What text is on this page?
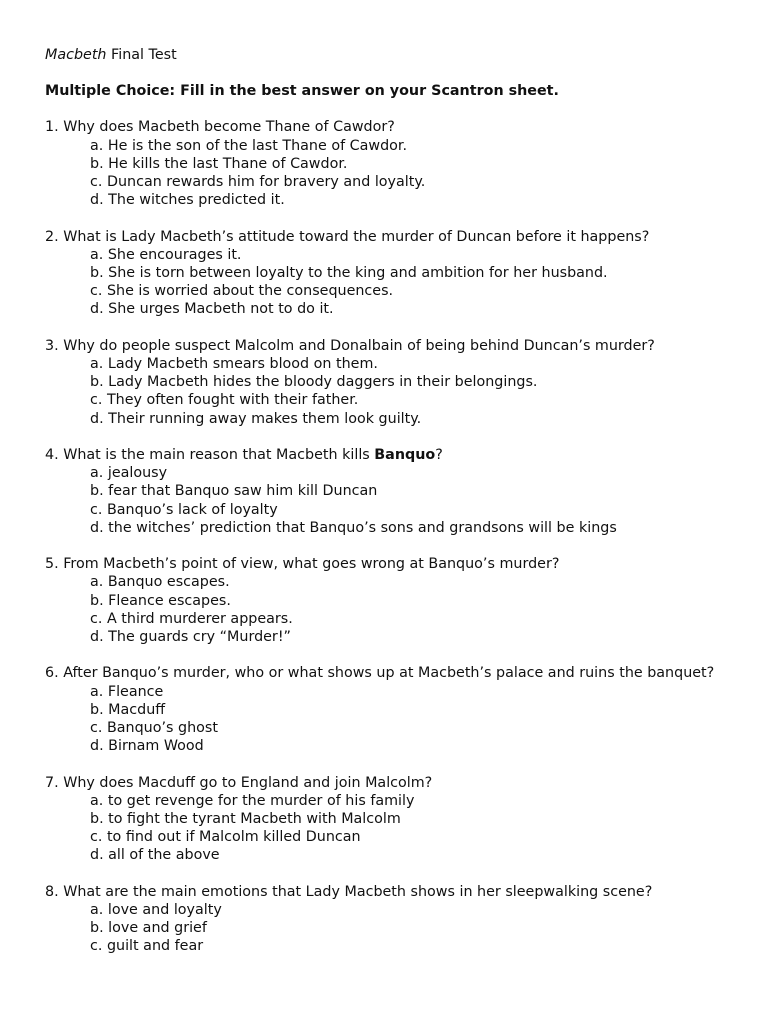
Macbeth Final Test

Multiple Choice: Fill in the best answer on your Scantron sheet.

1. Why does Macbeth become Thane of Cawdor?

a. He is the son of the last Thane of Cawdor.
b. He kills the last Thane of Cawdor.
c. Duncan rewards him for bravery and loyalty.
d. The witches predicted it.

2. What is Lady Macbeth’s attitude toward the murder of Duncan before it happens?

a. She encourages it.
b. She is torn between loyalty to the king and ambition for her husband.
c. She is worried about the consequences.
d. She urges Macbeth not to do it.

3. Why do people suspect Malcolm and Donalbain of being behind Duncan’s murder?

a. Lady Macbeth smears blood on them.
b. Lady Macbeth hides the bloody daggers in their belongings.
c. They often fought with their father.
d. Their running away makes them look guilty.

4. What is the main reason that Macbeth kills Banquo?

a. jealousy
b. fear that Banquo saw him kill Duncan
c. Banquo’s lack of loyalty
d. the witches’ prediction that Banquo’s sons and grandsons will be kings

5. From Macbeth’s point of view, what goes wrong at Banquo’s murder?

a. Banquo escapes.
b. Fleance escapes.
c. A third murderer appears.
d. The guards cry “Murder!”

6. After Banquo’s murder, who or what shows up at Macbeth’s palace and ruins the banquet?

a. Fleance
b. Macduff
c. Banquo’s ghost
d. Birnam Wood

7. Why does Macduff go to England and join Malcolm?

a. to get revenge for the murder of his family
b. to fight the tyrant Macbeth with Malcolm
c. to find out if Malcolm killed Duncan
d. all of the above

8. What are the main emotions that Lady Macbeth shows in her sleepwalking scene?

a. love and loyalty
b. love and grief
c. guilt and fear
